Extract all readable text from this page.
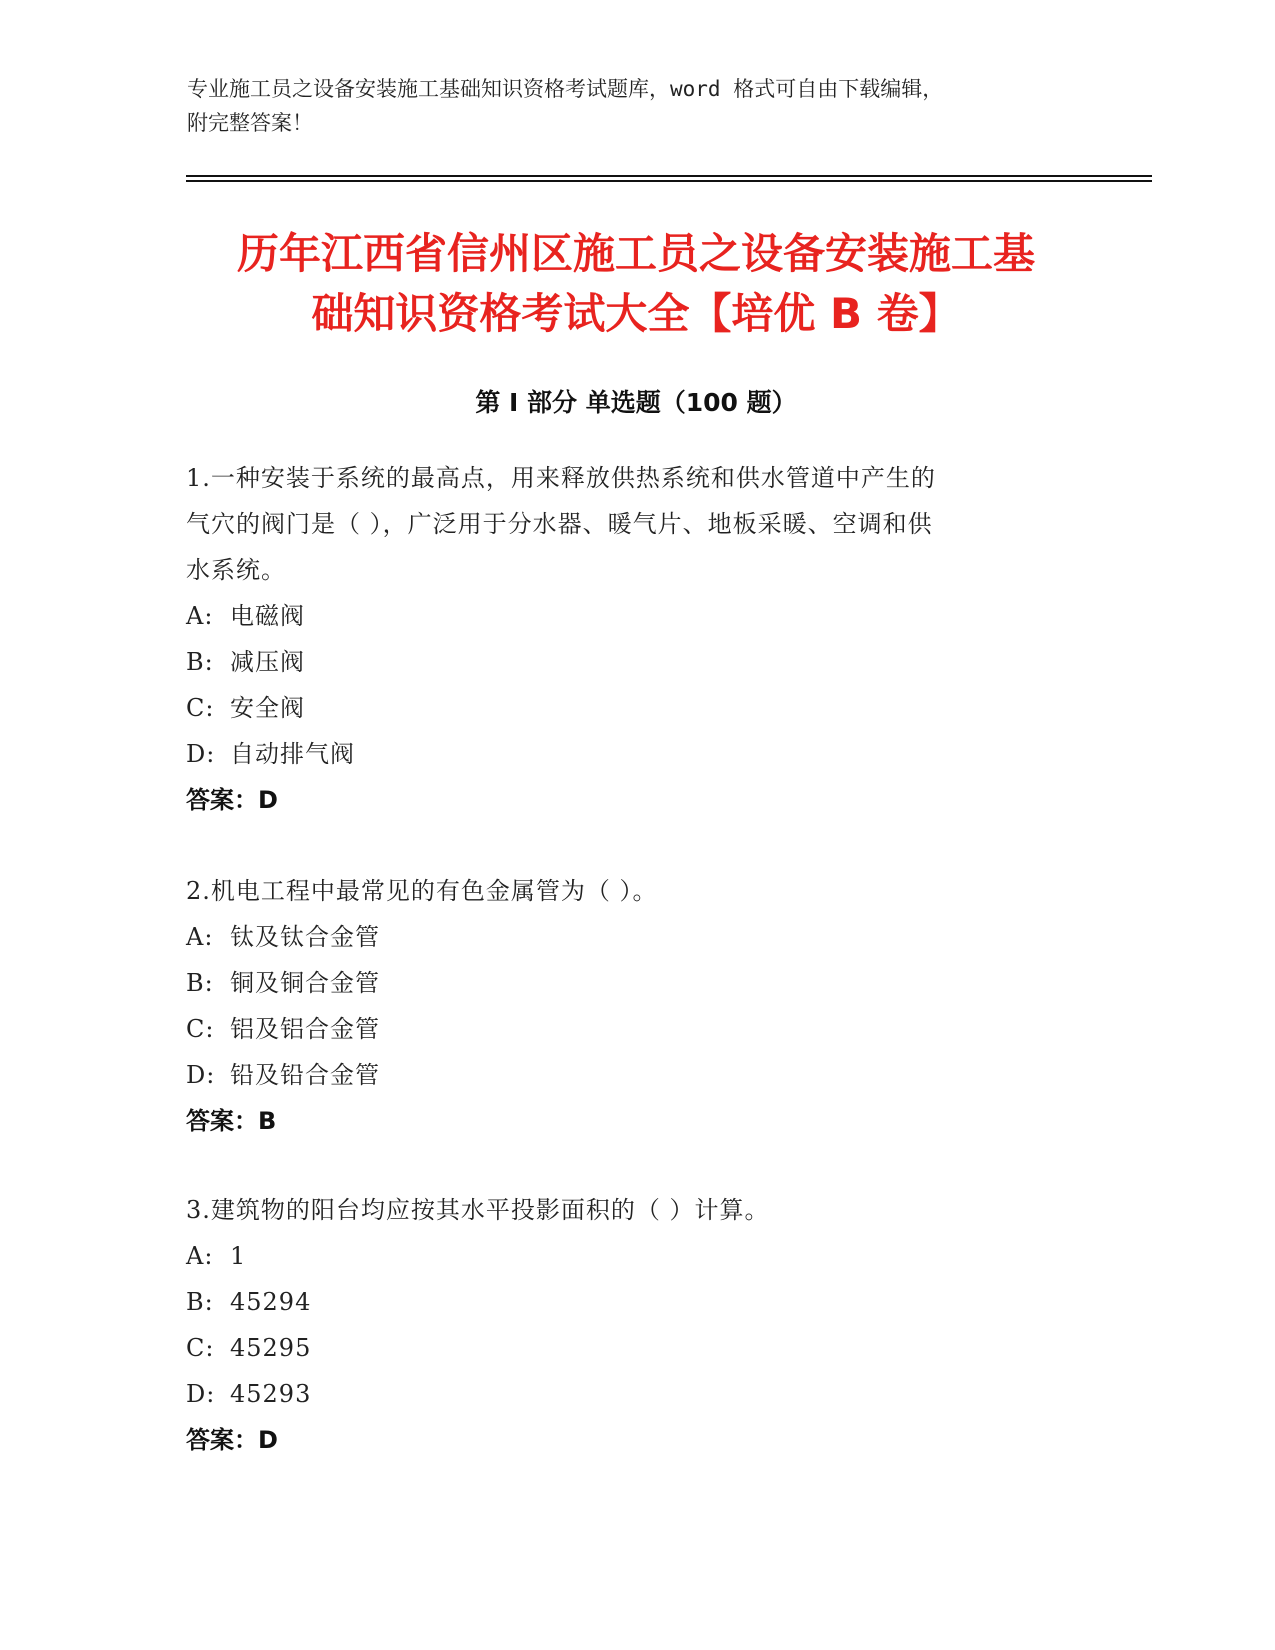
专业施工员之设备安装施工基础知识资格考试题库，word 格式可自由下载编辑，
附完整答案！
历年江西省信州区施工员之设备安装施工基
础知识资格考试大全【培优 B 卷】
第 I 部分 单选题（100 题）
1.一种安装于系统的最高点，用来释放供热系统和供水管道中产生的
气穴的阀门是（ ），广泛用于分水器、暖气片、地板采暖、空调和供
水系统。
A: 电磁阀
B: 减压阀
C: 安全阀
D: 自动排气阀
答案：D
2.机电工程中最常见的有色金属管为（ ）。
A: 钛及钛合金管
B: 铜及铜合金管
C: 铝及铝合金管
D: 铅及铅合金管
答案：B
3.建筑物的阳台均应按其水平投影面积的（ ）计算。
A: 1
B: 45294
C: 45295
D: 45293
答案：D
